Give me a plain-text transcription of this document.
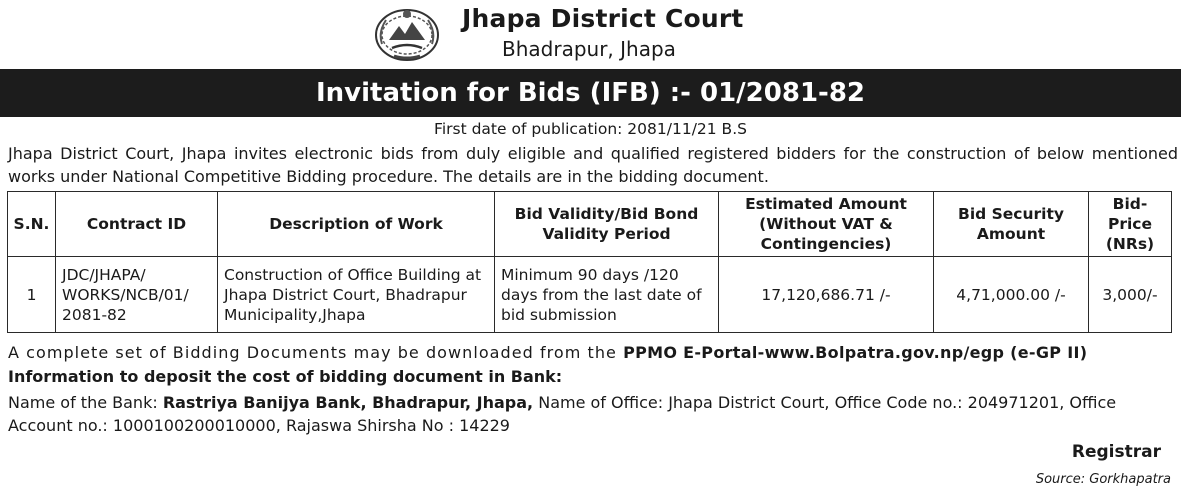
Jhapa District Court
Bhadrapur, Jhapa
Invitation for Bids (IFB) :- 01/2081-82
First date of publication: 2081/11/21 B.S
Jhapa District Court, Jhapa invites electronic bids from duly eligible and qualified registered bidders for the construction of below mentioned works under National Competitive Bidding procedure. The details are in the bidding document.
S.N.	Contract ID	Description of Work	Bid Validity/Bid Bond Validity Period	Estimated Amount (Without VAT & Contingencies)	Bid Security Amount	Bid-Price (NRs)
1	JDC/JHAPA/ WORKS/NCB/01/ 2081-82	Construction of Office Building at Jhapa District Court, Bhadrapur Municipality,Jhapa	Minimum 90 days /120 days from the last date of bid submission	17,120,686.71 /-	4,71,000.00 /-	3,000/-
A complete set of Bidding Documents may be downloaded from the PPMO E-Portal-www.Bolpatra.gov.np/egp (e-GP II)
Information to deposit the cost of bidding document in Bank:
Name of the Bank: Rastriya Banijya Bank, Bhadrapur, Jhapa, Name of Office: Jhapa District Court, Office Code no.: 204971201, Office
Account no.: 1000100200010000, Rajaswa Shirsha No : 14229
Registrar
Source: Gorkhapatra
